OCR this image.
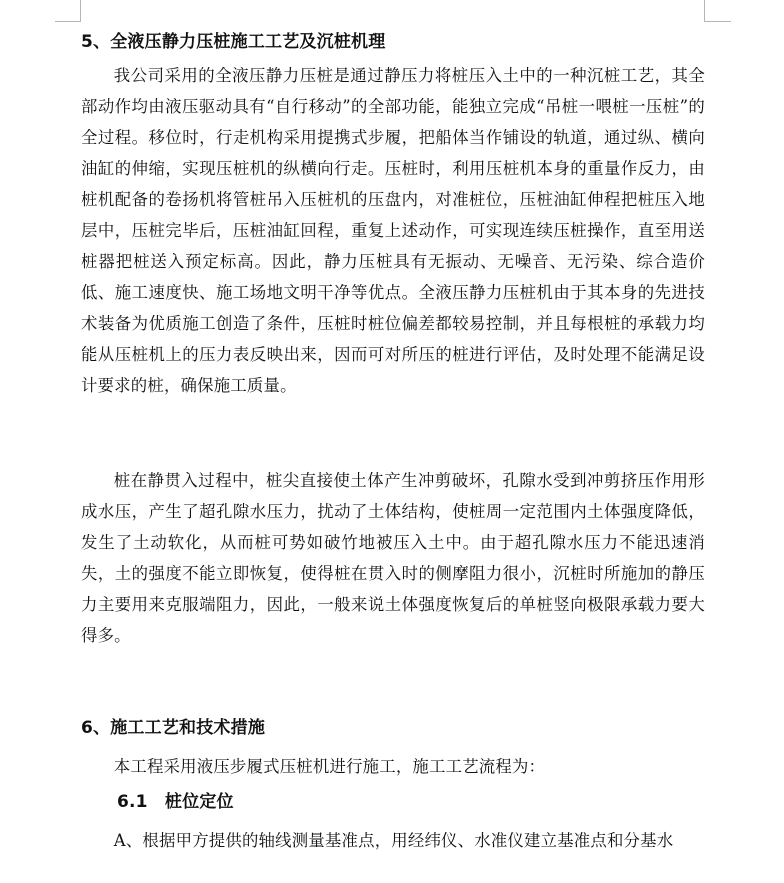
5、全液压静力压桩施工工艺及沉桩机理

我公司采用的全液压静力压桩是通过静压力将桩压入土中的一种沉桩工艺，其全部动作均由液压驱动具有“自行移动”的全部功能，能独立完成“吊桩一喂桩一压桩”的全过程。移位时，行走机构采用提携式步履，把船体当作铺设的轨道，通过纵、横向油缸的伸缩，实现压桩机的纵横向行走。压桩时，利用压桩机本身的重量作反力，由桩机配备的卷扬机将管桩吊入压桩机的压盘内，对准桩位，压桩油缸伸程把桩压入地层中，压桩完毕后，压桩油缸回程，重复上述动作，可实现连续压桩操作，直至用送桩器把桩送入预定标高。因此，静力压桩具有无振动、无噪音、无污染、综合造价低、施工速度快、施工场地文明干净等优点。全液压静力压桩机由于其本身的先进技术装备为优质施工创造了条件，压桩时桩位偏差都较易控制，并且每根桩的承载力均能从压桩机上的压力表反映出来，因而可对所压的桩进行评估，及时处理不能满足设计要求的桩，确保施工质量。

桩在静贯入过程中，桩尖直接使土体产生冲剪破坏，孔隙水受到冲剪挤压作用形成水压，产生了超孔隙水压力，扰动了土体结构，使桩周一定范围内土体强度降低，发生了土动软化，从而桩可势如破竹地被压入土中。由于超孔隙水压力不能迅速消失，土的强度不能立即恢复，使得桩在贯入时的侧摩阻力很小，沉桩时所施加的静压力主要用来克服端阻力，因此，一般来说土体强度恢复后的单桩竖向极限承载力要大得多。

6、施工工艺和技术措施

本工程采用液压步履式压桩机进行施工，施工工艺流程为：

6.1　桩位定位

A、根据甲方提供的轴线测量基准点，用经纬仪、水准仪建立基准点和分基水
